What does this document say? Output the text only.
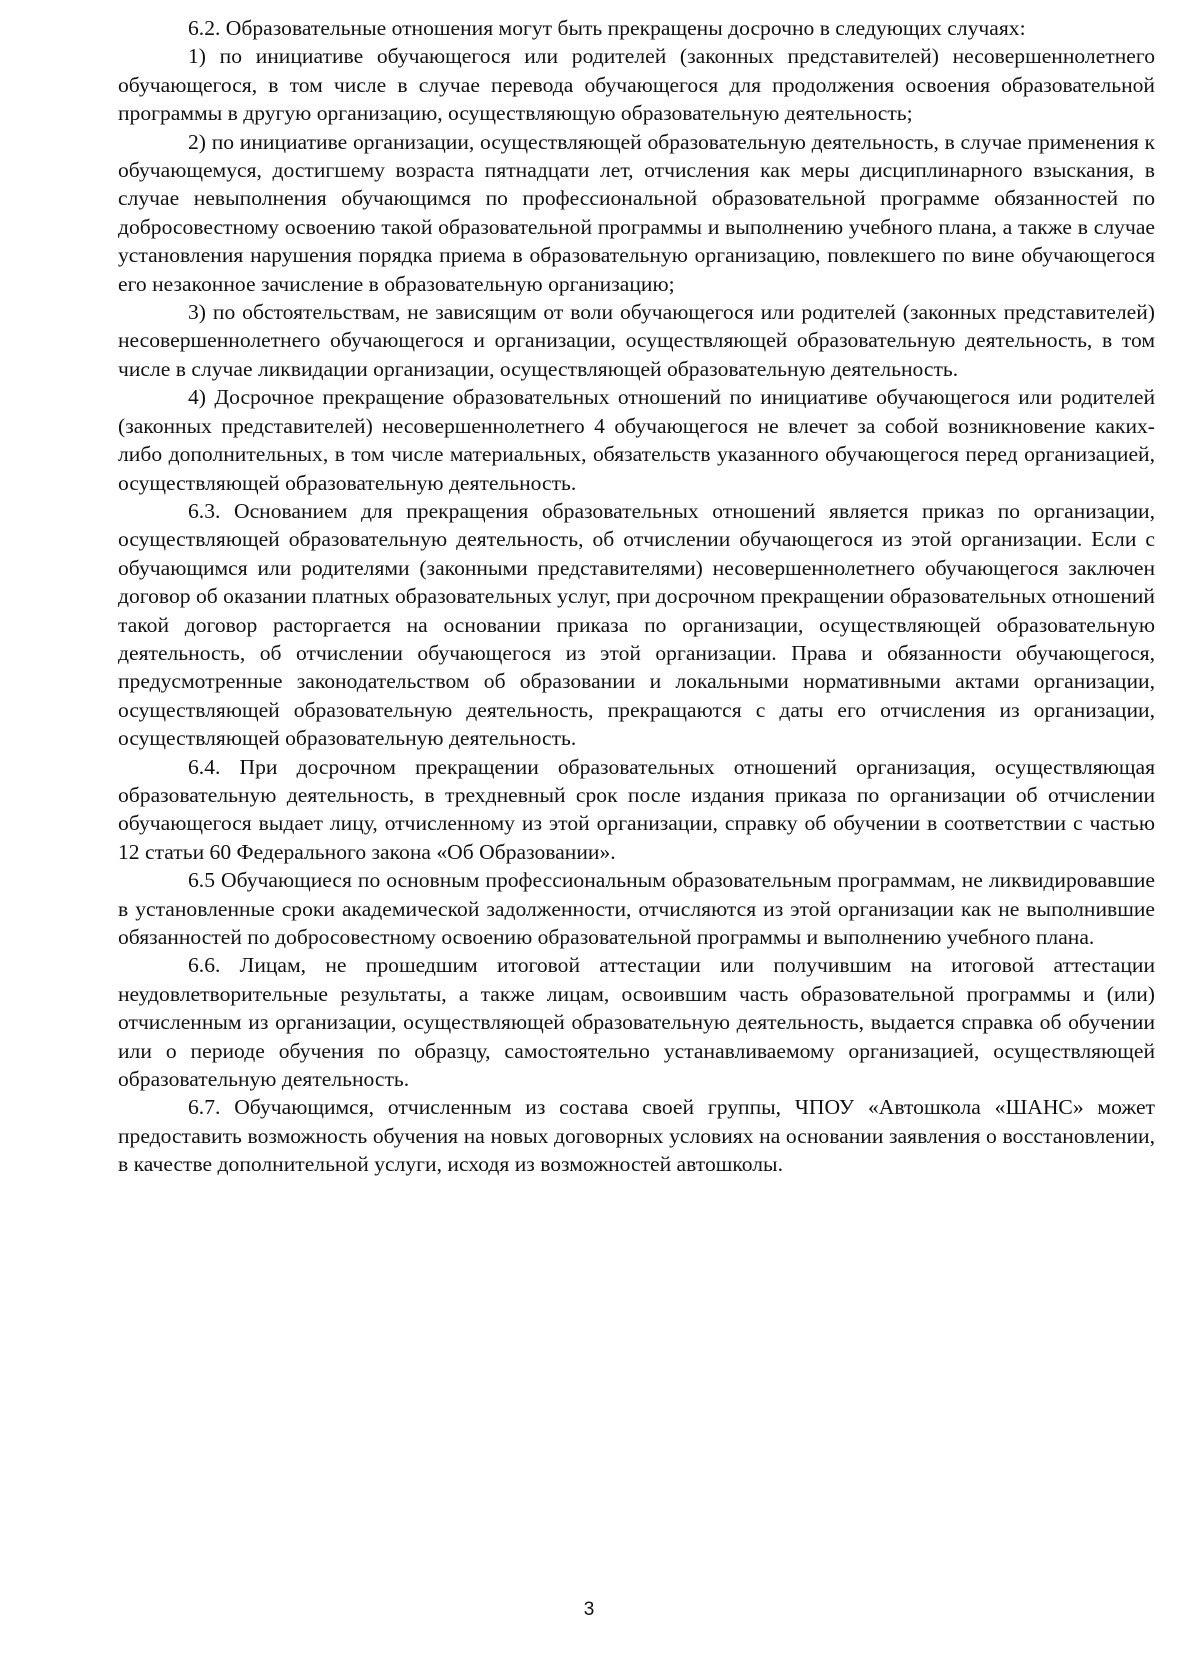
6.2. Образовательные отношения могут быть прекращены досрочно в следующих случаях:

1) по инициативе обучающегося или родителей (законных представителей) несовершеннолетнего обучающегося, в том числе в случае перевода обучающегося для продолжения освоения образовательной программы в другую организацию, осуществляющую образовательную деятельность;

2) по инициативе организации, осуществляющей образовательную деятельность, в случае применения к обучающемуся, достигшему возраста пятнадцати лет, отчисления как меры дисциплинарного взыскания, в случае невыполнения обучающимся по профессиональной образовательной программе обязанностей по добросовестному освоению такой образовательной программы и выполнению учебного плана, а также в случае установления нарушения порядка приема в образовательную организацию, повлекшего по вине обучающегося его незаконное зачисление в образовательную организацию;

3) по обстоятельствам, не зависящим от воли обучающегося или родителей (законных представителей) несовершеннолетнего обучающегося и организации, осуществляющей образовательную деятельность, в том числе в случае ликвидации организации, осуществляющей образовательную деятельность.

4) Досрочное прекращение образовательных отношений по инициативе обучающегося или родителей (законных представителей) несовершеннолетнего 4 обучающегося не влечет за собой возникновение каких-либо дополнительных, в том числе материальных, обязательств указанного обучающегося перед организацией, осуществляющей образовательную деятельность.

6.3. Основанием для прекращения образовательных отношений является приказ по организации, осуществляющей образовательную деятельность, об отчислении обучающегося из этой организации. Если с обучающимся или родителями (законными представителями) несовершеннолетнего обучающегося заключен договор об оказании платных образовательных услуг, при досрочном прекращении образовательных отношений такой договор расторгается на основании приказа по организации, осуществляющей образовательную деятельность, об отчислении обучающегося из этой организации. Права и обязанности обучающегося, предусмотренные законодательством об образовании и локальными нормативными актами организации, осуществляющей образовательную деятельность, прекращаются с даты его отчисления из организации, осуществляющей образовательную деятельность.

6.4. При досрочном прекращении образовательных отношений организация, осуществляющая образовательную деятельность, в трехдневный срок после издания приказа по организации об отчислении обучающегося выдает лицу, отчисленному из этой организации, справку об обучении в соответствии с частью 12 статьи 60 Федерального закона «Об Образовании».

6.5 Обучающиеся по основным профессиональным образовательным программам, не ликвидировавшие в установленные сроки академической задолженности, отчисляются из этой организации как не выполнившие обязанностей по добросовестному освоению образовательной программы и выполнению учебного плана.

6.6. Лицам, не прошедшим итоговой аттестации или получившим на итоговой аттестации неудовлетворительные результаты, а также лицам, освоившим часть образовательной программы и (или) отчисленным из организации, осуществляющей образовательную деятельность, выдается справка об обучении или о периоде обучения по образцу, самостоятельно устанавливаемому организацией, осуществляющей образовательную деятельность.

6.7. Обучающимся, отчисленным из состава своей группы, ЧПОУ «Автошкола «ШАНС» может предоставить возможность обучения на новых договорных условиях на основании заявления о восстановлении, в качестве дополнительной услуги, исходя из возможностей автошколы.

3
